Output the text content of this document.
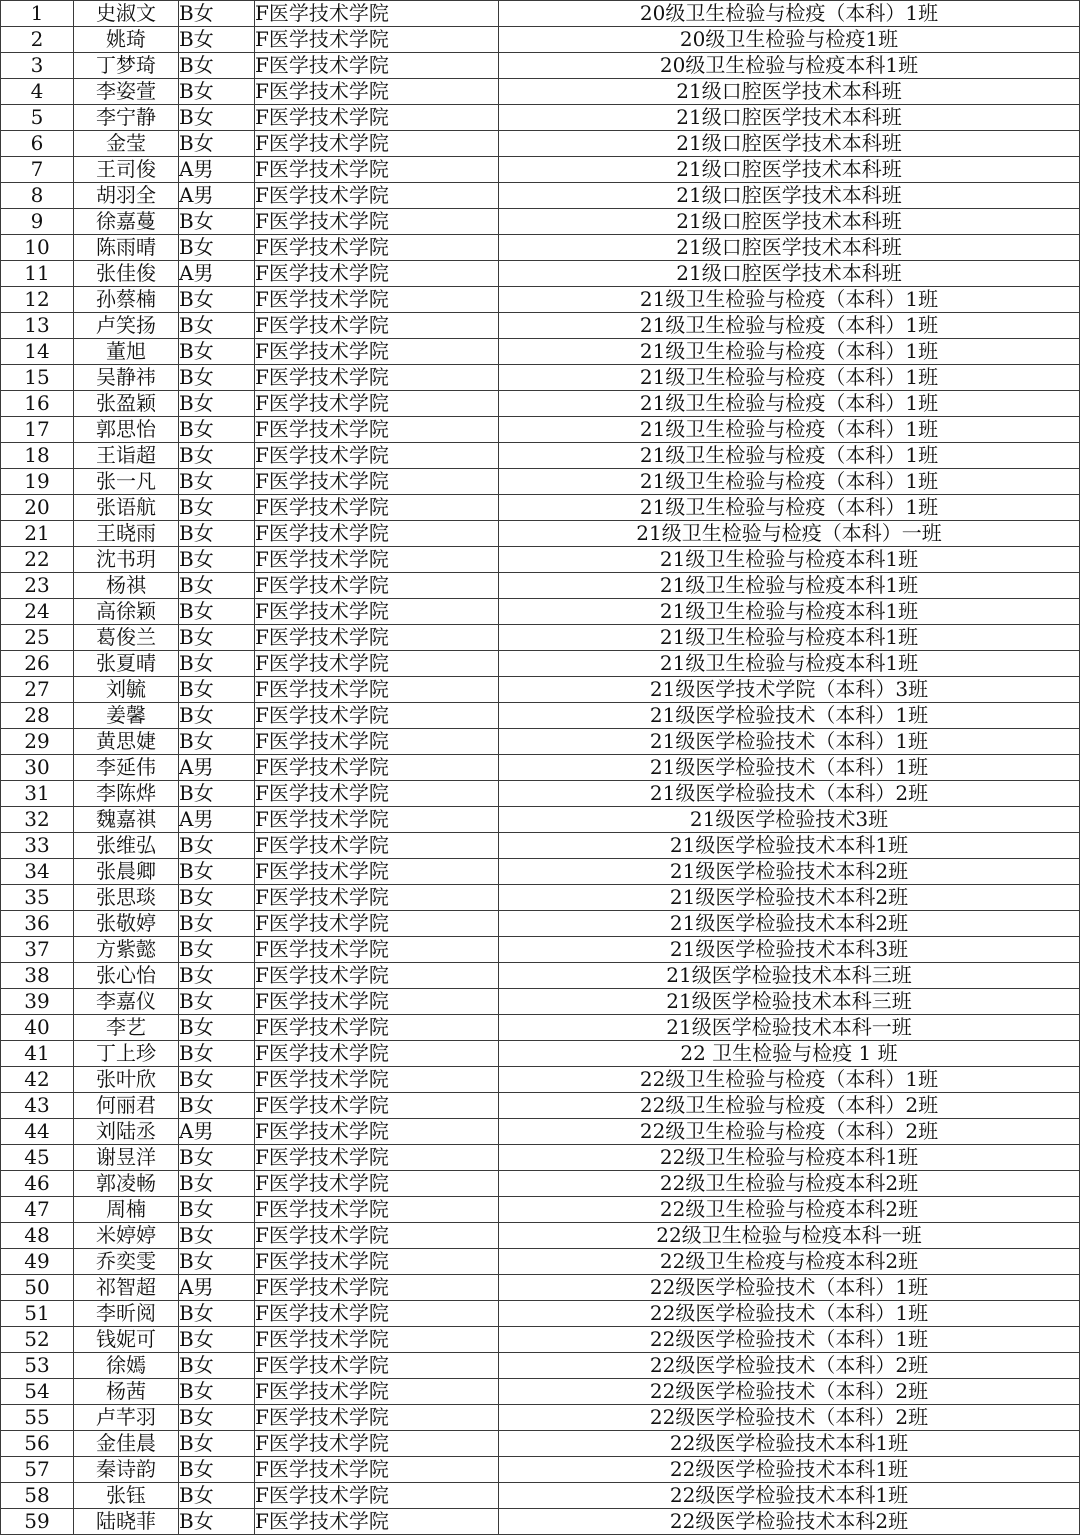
1	史淑文	B女	F医学技术学院	20级卫生检验与检疫（本科）1班
2	姚琦	B女	F医学技术学院	20级卫生检验与检疫1班
3	丁梦琦	B女	F医学技术学院	20级卫生检验与检疫本科1班
4	李姿萱	B女	F医学技术学院	21级口腔医学技术本科班
5	李宁静	B女	F医学技术学院	21级口腔医学技术本科班
6	金莹	B女	F医学技术学院	21级口腔医学技术本科班
7	王司俊	A男	F医学技术学院	21级口腔医学技术本科班
8	胡羽全	A男	F医学技术学院	21级口腔医学技术本科班
9	徐嘉蔓	B女	F医学技术学院	21级口腔医学技术本科班
10	陈雨晴	B女	F医学技术学院	21级口腔医学技术本科班
11	张佳俊	A男	F医学技术学院	21级口腔医学技术本科班
12	孙蔡楠	B女	F医学技术学院	21级卫生检验与检疫（本科）1班
13	卢笑扬	B女	F医学技术学院	21级卫生检验与检疫（本科）1班
14	董旭	B女	F医学技术学院	21级卫生检验与检疫（本科）1班
15	吴静祎	B女	F医学技术学院	21级卫生检验与检疫（本科）1班
16	张盈颖	B女	F医学技术学院	21级卫生检验与检疫（本科）1班
17	郭思怡	B女	F医学技术学院	21级卫生检验与检疫（本科）1班
18	王诣超	B女	F医学技术学院	21级卫生检验与检疫（本科）1班
19	张一凡	B女	F医学技术学院	21级卫生检验与检疫（本科）1班
20	张语航	B女	F医学技术学院	21级卫生检验与检疫（本科）1班
21	王晓雨	B女	F医学技术学院	21级卫生检验与检疫（本科）一班
22	沈书玥	B女	F医学技术学院	21级卫生检验与检疫本科1班
23	杨祺	B女	F医学技术学院	21级卫生检验与检疫本科1班
24	高徐颖	B女	F医学技术学院	21级卫生检验与检疫本科1班
25	葛俊兰	B女	F医学技术学院	21级卫生检验与检疫本科1班
26	张夏晴	B女	F医学技术学院	21级卫生检验与检疫本科1班
27	刘毓	B女	F医学技术学院	21级医学技术学院（本科）3班
28	姜馨	B女	F医学技术学院	21级医学检验技术（本科）1班
29	黄思婕	B女	F医学技术学院	21级医学检验技术（本科）1班
30	李延伟	A男	F医学技术学院	21级医学检验技术（本科）1班
31	李陈烨	B女	F医学技术学院	21级医学检验技术（本科）2班
32	魏嘉祺	A男	F医学技术学院	21级医学检验技术3班
33	张维弘	B女	F医学技术学院	21级医学检验技术本科1班
34	张晨卿	B女	F医学技术学院	21级医学检验技术本科2班
35	张思琰	B女	F医学技术学院	21级医学检验技术本科2班
36	张敬婷	B女	F医学技术学院	21级医学检验技术本科2班
37	方紫懿	B女	F医学技术学院	21级医学检验技术本科3班
38	张心怡	B女	F医学技术学院	21级医学检验技术本科三班
39	李嘉仪	B女	F医学技术学院	21级医学检验技术本科三班
40	李艺	B女	F医学技术学院	21级医学检验技术本科一班
41	丁上珍	B女	F医学技术学院	22 卫生检验与检疫 1 班
42	张叶欣	B女	F医学技术学院	22级卫生检验与检疫（本科）1班
43	何丽君	B女	F医学技术学院	22级卫生检验与检疫（本科）2班
44	刘陆丞	A男	F医学技术学院	22级卫生检验与检疫（本科）2班
45	谢昱洋	B女	F医学技术学院	22级卫生检验与检疫本科1班
46	郭凌畅	B女	F医学技术学院	22级卫生检验与检疫本科2班
47	周楠	B女	F医学技术学院	22级卫生检验与检疫本科2班
48	米婷婷	B女	F医学技术学院	22级卫生检验与检疫本科一班
49	乔奕雯	B女	F医学技术学院	22级卫生检疫与检疫本科2班
50	祁智超	A男	F医学技术学院	22级医学检验技术（本科）1班
51	李昕阅	B女	F医学技术学院	22级医学检验技术（本科）1班
52	钱妮可	B女	F医学技术学院	22级医学检验技术（本科）1班
53	徐嫣	B女	F医学技术学院	22级医学检验技术（本科）2班
54	杨茜	B女	F医学技术学院	22级医学检验技术（本科）2班
55	卢芊羽	B女	F医学技术学院	22级医学检验技术（本科）2班
56	金佳晨	B女	F医学技术学院	22级医学检验技术本科1班
57	秦诗韵	B女	F医学技术学院	22级医学检验技术本科1班
58	张钰	B女	F医学技术学院	22级医学检验技术本科1班
59	陆晓菲	B女	F医学技术学院	22级医学检验技术本科2班
